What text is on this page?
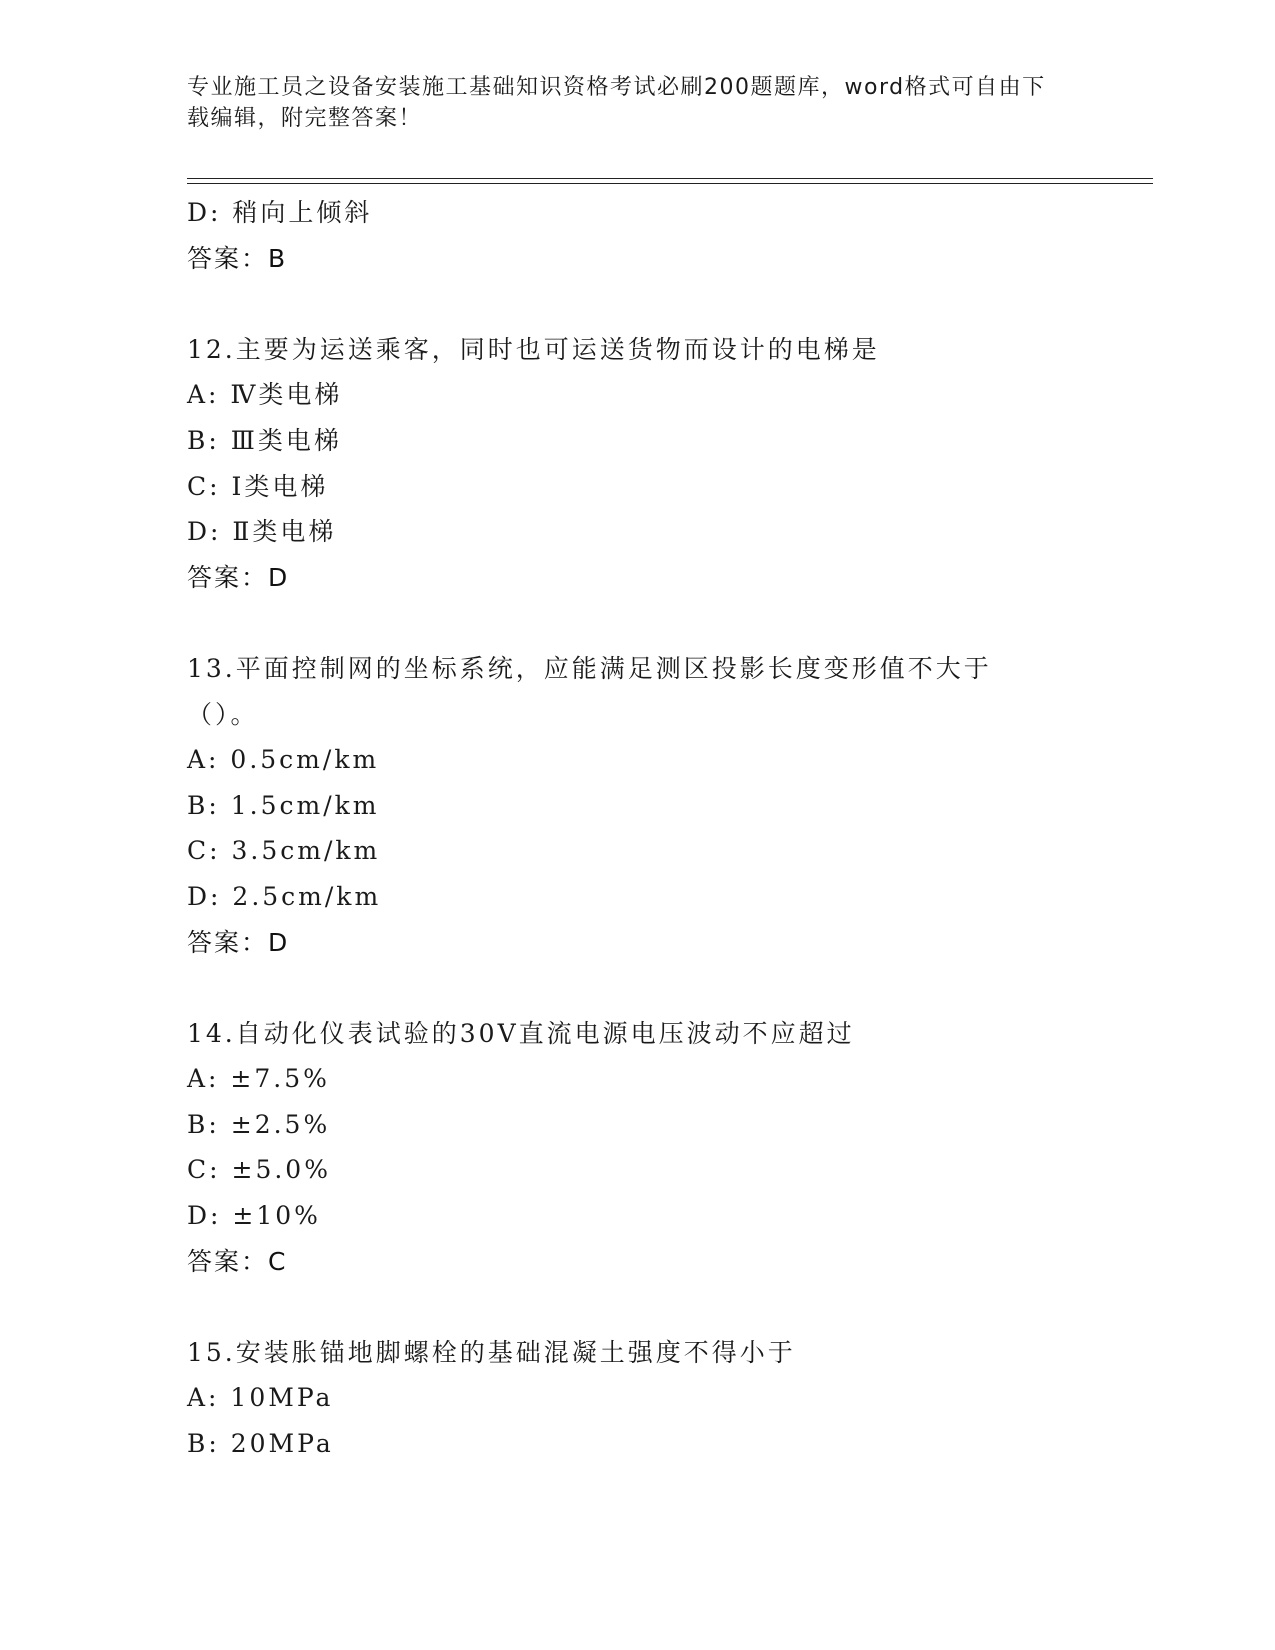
专业施工员之设备安装施工基础知识资格考试必刷200题题库，word格式可自由下载编辑，附完整答案！
D: 稍向上倾斜
答案：B
12.主要为运送乘客，同时也可运送货物而设计的电梯是
A: Ⅳ类电梯
B: Ⅲ类电梯
C: Ⅰ类电梯
D: Ⅱ类电梯
答案：D
13.平面控制网的坐标系统，应能满足测区投影长度变形值不大于（）。
A: 0.5cm/km
B: 1.5cm/km
C: 3.5cm/km
D: 2.5cm/km
答案：D
14.自动化仪表试验的30V直流电源电压波动不应超过
A: ±7.5%
B: ±2.5%
C: ±5.0%
D: ±10%
答案：C
15.安装胀锚地脚螺栓的基础混凝土强度不得小于
A: 10MPa
B: 20MPa
